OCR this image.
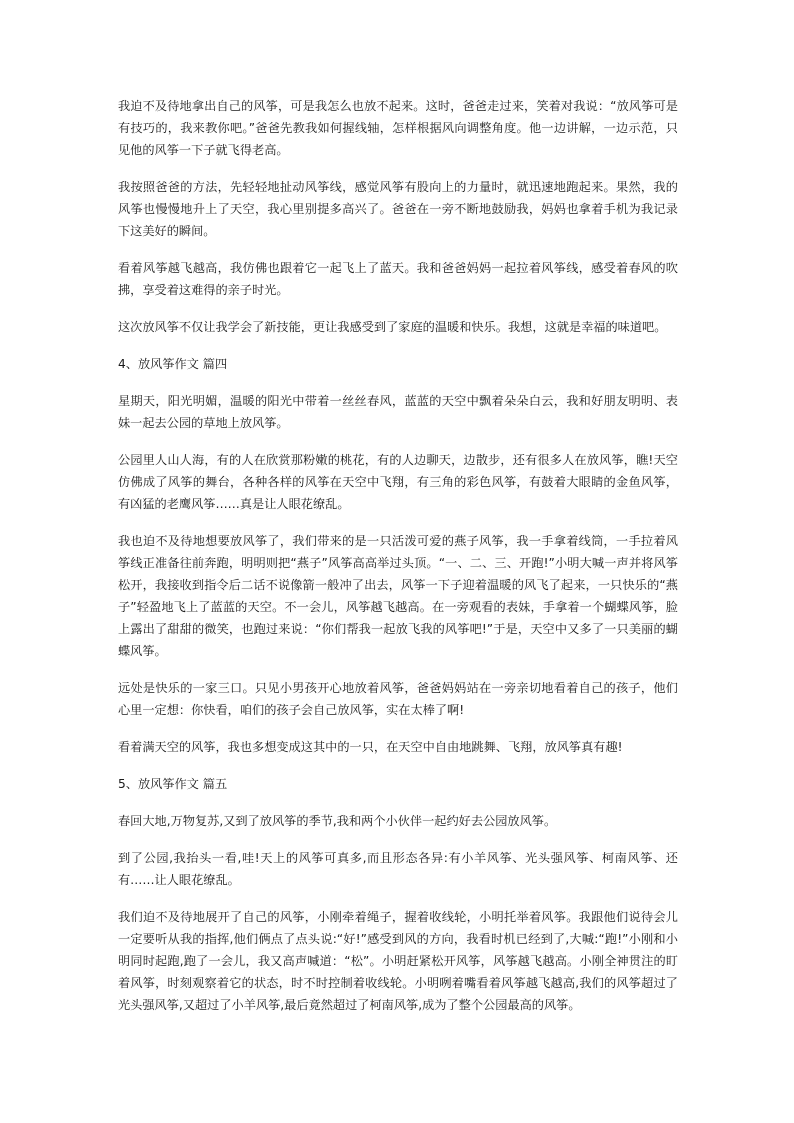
我迫不及待地拿出自己的风筝，可是我怎么也放不起来。这时，爸爸走过来，笑着对我说：“放风筝可是有技巧的，我来教你吧。”爸爸先教我如何握线轴，怎样根据风向调整角度。他一边讲解，一边示范，只见他的风筝一下子就飞得老高。

我按照爸爸的方法，先轻轻地扯动风筝线，感觉风筝有股向上的力量时，就迅速地跑起来。果然，我的风筝也慢慢地升上了天空，我心里别提多高兴了。爸爸在一旁不断地鼓励我，妈妈也拿着手机为我记录下这美好的瞬间。

看着风筝越飞越高，我仿佛也跟着它一起飞上了蓝天。我和爸爸妈妈一起拉着风筝线，感受着春风的吹拂，享受着这难得的亲子时光。

这次放风筝不仅让我学会了新技能，更让我感受到了家庭的温暖和快乐。我想，这就是幸福的味道吧。

4、放风筝作文 篇四

星期天，阳光明媚，温暖的阳光中带着一丝丝春风，蓝蓝的天空中飘着朵朵白云，我和好朋友明明、表妹一起去公园的草地上放风筝。

公园里人山人海，有的人在欣赏那粉嫩的桃花，有的人边聊天，边散步，还有很多人在放风筝，瞧!天空仿佛成了风筝的舞台，各种各样的风筝在天空中飞翔，有三角的彩色风筝，有鼓着大眼睛的金鱼风筝，有凶猛的老鹰风筝……真是让人眼花缭乱。

我也迫不及待地想要放风筝了，我们带来的是一只活泼可爱的燕子风筝，我一手拿着线筒，一手拉着风筝线正准备往前奔跑，明明则把“燕子”风筝高高举过头顶。“一、二、三、开跑!”小明大喊一声并将风筝松开，我接收到指令后二话不说像箭一般冲了出去，风筝一下子迎着温暖的风飞了起来，一只快乐的“燕子”轻盈地飞上了蓝蓝的天空。不一会儿，风筝越飞越高。在一旁观看的表妹，手拿着一个蝴蝶风筝，脸上露出了甜甜的微笑，也跑过来说：“你们帮我一起放飞我的风筝吧!”于是，天空中又多了一只美丽的蝴蝶风筝。

远处是快乐的一家三口。只见小男孩开心地放着风筝，爸爸妈妈站在一旁亲切地看着自己的孩子，他们心里一定想：你快看，咱们的孩子会自己放风筝，实在太棒了啊!

看着满天空的风筝，我也多想变成这其中的一只，在天空中自由地跳舞、飞翔，放风筝真有趣!

5、放风筝作文 篇五

春回大地,万物复苏,又到了放风筝的季节,我和两个小伙伴一起约好去公园放风筝。

到了公园,我抬头一看,哇!天上的风筝可真多,而且形态各异:有小羊风筝、光头强风筝、柯南风筝、还有……让人眼花缭乱。

我们迫不及待地展开了自己的风筝，小刚牵着绳子，握着收线轮，小明托举着风筝。我跟他们说待会儿一定要听从我的指挥,他们俩点了点头说:“好!”感受到风的方向，我看时机已经到了,大喊:“跑!”小刚和小明同时起跑,跑了一会儿，我又高声喊道：“松”。小明赶紧松开风筝，风筝越飞越高。小刚全神贯注的盯着风筝，时刻观察着它的状态，时不时控制着收线轮。小明咧着嘴看着风筝越飞越高,我们的风筝超过了光头强风筝,又超过了小羊风筝,最后竟然超过了柯南风筝,成为了整个公园最高的风筝。
